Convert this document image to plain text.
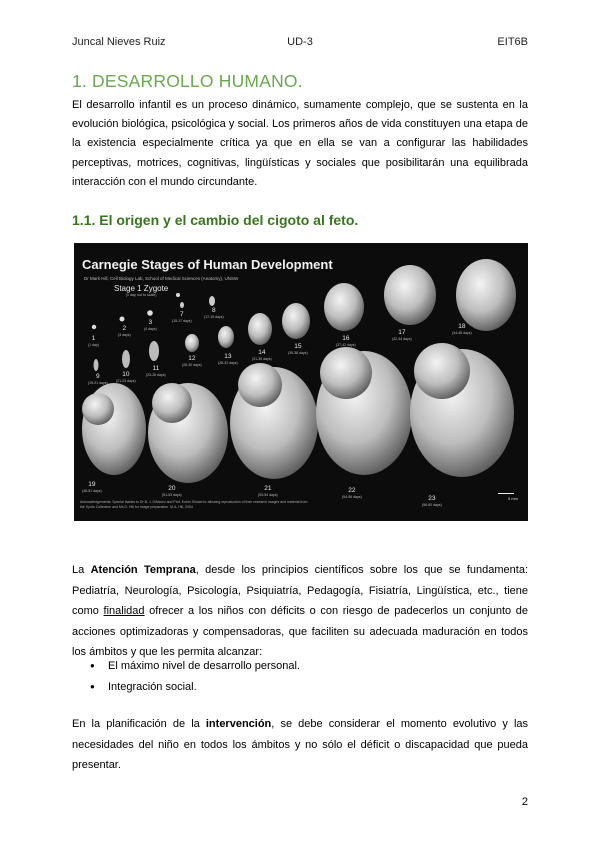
Juncal Nieves Ruiz	UD-3	EIT6B
1. DESARROLLO HUMANO.
El desarrollo infantil es un proceso dinámico, sumamente complejo, que se sustenta en la evolución biológica, psicológica y social. Los primeros años de vida constituyen una etapa de la existencia especialmente crítica ya que en ella se van a configurar las habilidades perceptivas, motrices, cognitivas, lingüísticas y sociales que posibilitarán una equilibrada interacción con el mundo circundante.
1.1. El origen y el cambio del cigoto al feto.
Carnegie Stages of Human Development
Dr Mark Hill, Cell Biology Lab, School of Medical Sciences (Anatomy), UNSW
Stage 1 Zygote
(1 day, not to scale)
1
(1 day)
2
(3 days)
3
(4 days)
7
(15-17 days)
8
(17-19 days)
9
(19-21 days)
10
(21-23 days)
11
(23-26 days)
12
(26-30 days)
13
(28-32 days)
14
(31-35 days)
15
(35-38 days)
16
(37-42 days)
17
(42-44 days)
18
(44-48 days)
19
(48-51 days)	20
(51-53 days)
21
(53-54 days)
22
(54-56 days)	23
(56-60 days)
Acknowledgements: Special thanks to Dr B. J. DiMarco and Prof. Kohei Shiota for allowing reproduction of their research images and material from the Kyoto Collection and Ms D. Hill for image preparation. M.A. Hill, 2004
5 mm
La Atención Temprana, desde los principios científicos sobre los que se fundamenta: Pediatría, Neurología, Psicología, Psiquiatría, Pedagogía, Fisiatría, Lingüística, etc., tiene como finalidad ofrecer a los niños con déficits o con riesgo de padecerlos un conjunto de acciones optimizadoras y compensadoras, que faciliten su adecuada maduración en todos los ámbitos y que les permita alcanzar:
● El máximo nivel de desarrollo personal.
● Integración social.
En la planificación de la intervención, se debe considerar el momento evolutivo y las necesidades del niño en todos los ámbitos y no sólo el déficit o discapacidad que pueda presentar.
2
